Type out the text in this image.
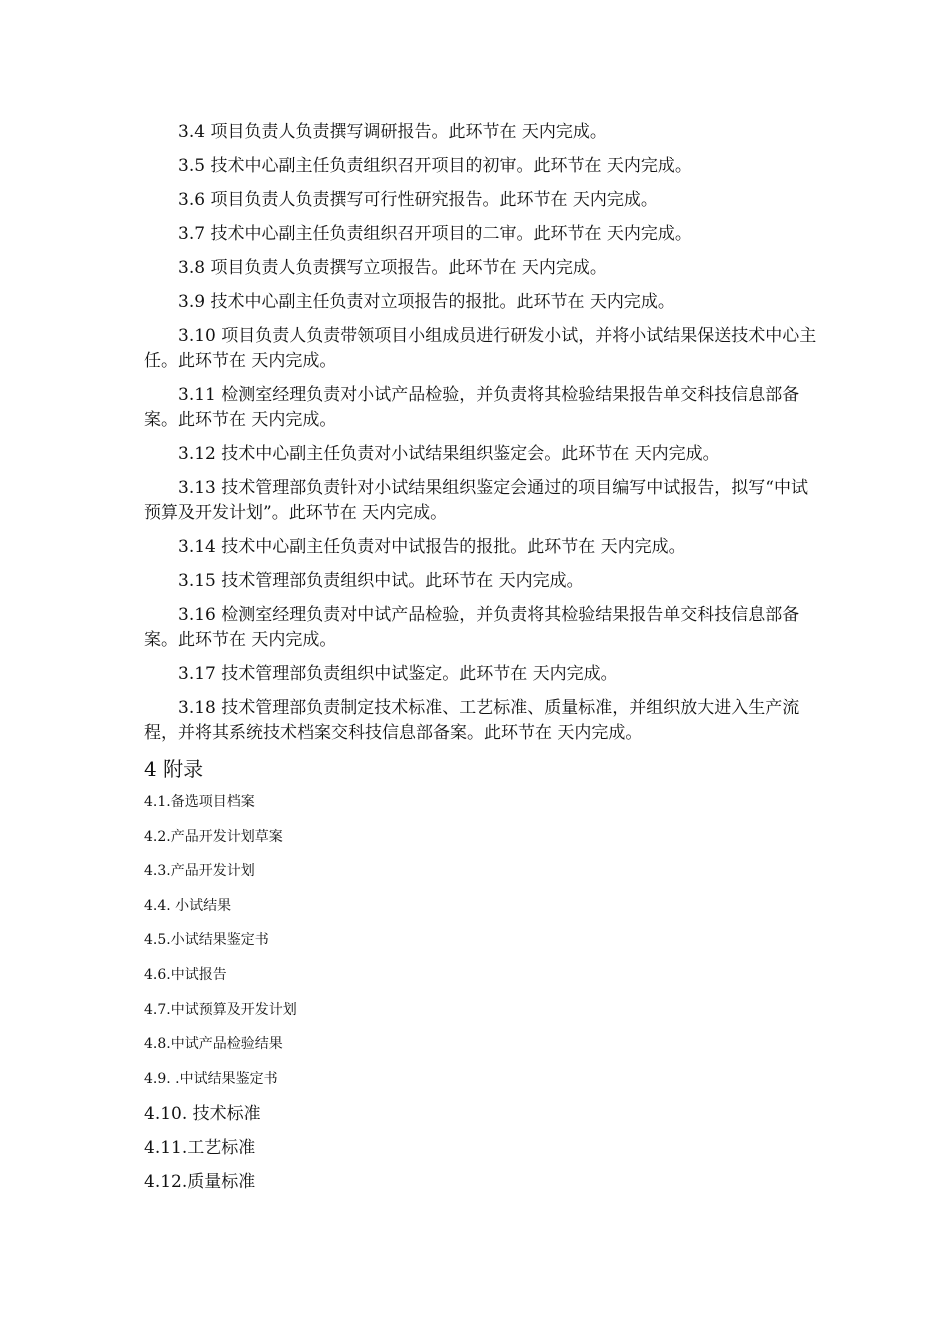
3.4 项目负责人负责撰写调研报告。此环节在 天内完成。

3.5 技术中心副主任负责组织召开项目的初审。此环节在 天内完成。

3.6 项目负责人负责撰写可行性研究报告。此环节在 天内完成。

3.7 技术中心副主任负责组织召开项目的二审。此环节在 天内完成。

3.8 项目负责人负责撰写立项报告。此环节在 天内完成。

3.9 技术中心副主任负责对立项报告的报批。此环节在 天内完成。

3.10 项目负责人负责带领项目小组成员进行研发小试，并将小试结果保送技术中心主任。此环节在 天内完成。

3.11 检测室经理负责对小试产品检验，并负责将其检验结果报告单交科技信息部备案。此环节在 天内完成。

3.12 技术中心副主任负责对小试结果组织鉴定会。此环节在 天内完成。

3.13 技术管理部负责针对小试结果组织鉴定会通过的项目编写中试报告，拟写“中试预算及开发计划”。此环节在 天内完成。

3.14 技术中心副主任负责对中试报告的报批。此环节在 天内完成。

3.15 技术管理部负责组织中试。此环节在 天内完成。

3.16 检测室经理负责对中试产品检验，并负责将其检验结果报告单交科技信息部备案。此环节在 天内完成。

3.17 技术管理部负责组织中试鉴定。此环节在 天内完成。

3.18 技术管理部负责制定技术标准、工艺标准、质量标准，并组织放大进入生产流程，并将其系统技术档案交科技信息部备案。此环节在 天内完成。

4 附录
4.1.备选项目档案
4.2.产品开发计划草案
4.3.产品开发计划
4.4. 小试结果
4.5.小试结果鉴定书
4.6.中试报告
4.7.中试预算及开发计划
4.8.中试产品检验结果
4.9. .中试结果鉴定书
4.10. 技术标准
4.11.工艺标准
4.12.质量标准
